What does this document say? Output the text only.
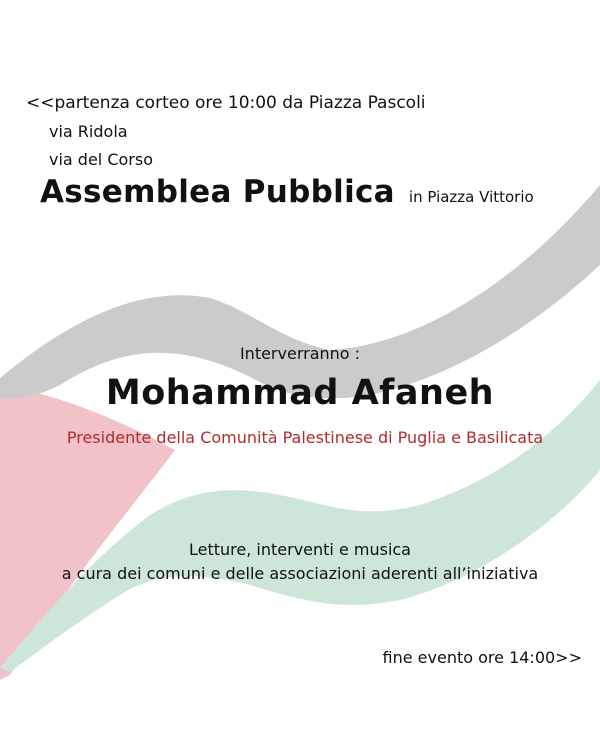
<<partenza corteo ore 10:00 da Piazza Pascoli
via Ridola
via del Corso
Assemblea Pubblica in Piazza Vittorio
Interverranno :
Mohammad Afaneh
Presidente della Comunità Palestinese di Puglia e Basilicata
Letture, interventi e musica
a cura dei comuni e delle associazioni aderenti all’iniziativa
fine evento ore 14:00>>
